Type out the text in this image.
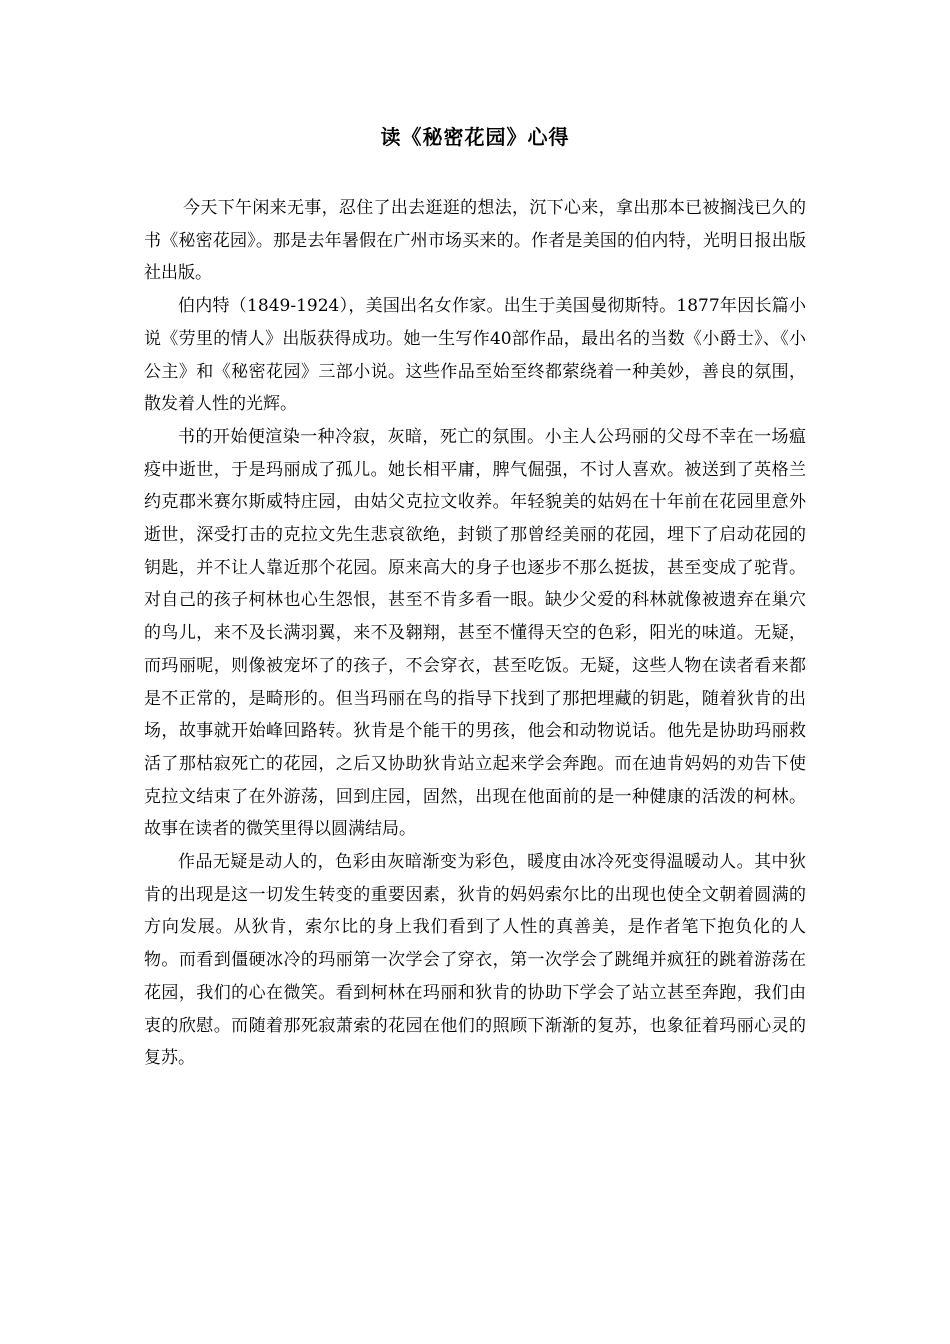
读《秘密花园》心得

今天下午闲来无事，忍住了出去逛逛的想法，沉下心来，拿出那本已被搁浅已久的书《秘密花园》。那是去年暑假在广州市场买来的。作者是美国的伯内特，光明日报出版社出版。

伯内特（1849-1924），美国出名女作家。出生于美国曼彻斯特。1877年因长篇小说《劳里的情人》出版获得成功。她一生写作40部作品，最出名的当数《小爵士》、《小公主》和《秘密花园》三部小说。这些作品至始至终都萦绕着一种美妙，善良的氛围，散发着人性的光辉。

书的开始便渲染一种冷寂，灰暗，死亡的氛围。小主人公玛丽的父母不幸在一场瘟疫中逝世，于是玛丽成了孤儿。她长相平庸，脾气倔强，不讨人喜欢。被送到了英格兰约克郡米赛尔斯威特庄园，由姑父克拉文收养。年轻貌美的姑妈在十年前在花园里意外逝世，深受打击的克拉文先生悲哀欲绝，封锁了那曾经美丽的花园，埋下了启动花园的钥匙，并不让人靠近那个花园。原来高大的身子也逐步不那么挺拔，甚至变成了驼背。对自己的孩子柯林也心生怨恨，甚至不肯多看一眼。缺少父爱的科林就像被遗弃在巢穴的鸟儿，来不及长满羽翼，来不及翱翔，甚至不懂得天空的色彩，阳光的味道。无疑，而玛丽呢，则像被宠坏了的孩子，不会穿衣，甚至吃饭。无疑，这些人物在读者看来都是不正常的，是畸形的。但当玛丽在鸟的指导下找到了那把埋藏的钥匙，随着狄肯的出场，故事就开始峰回路转。狄肯是个能干的男孩，他会和动物说话。他先是协助玛丽救活了那枯寂死亡的花园，之后又协助狄肯站立起来学会奔跑。而在迪肯妈妈的劝告下使克拉文结束了在外游荡，回到庄园，固然，出现在他面前的是一种健康的活泼的柯林。故事在读者的微笑里得以圆满结局。

作品无疑是动人的，色彩由灰暗渐变为彩色，暖度由冰冷死变得温暖动人。其中狄肯的出现是这一切发生转变的重要因素，狄肯的妈妈索尔比的出现也使全文朝着圆满的方向发展。从狄肯，索尔比的身上我们看到了人性的真善美，是作者笔下抱负化的人物。而看到僵硬冰冷的玛丽第一次学会了穿衣，第一次学会了跳绳并疯狂的跳着游荡在花园，我们的心在微笑。看到柯林在玛丽和狄肯的协助下学会了站立甚至奔跑，我们由衷的欣慰。而随着那死寂萧索的花园在他们的照顾下渐渐的复苏，也象征着玛丽心灵的复苏。
